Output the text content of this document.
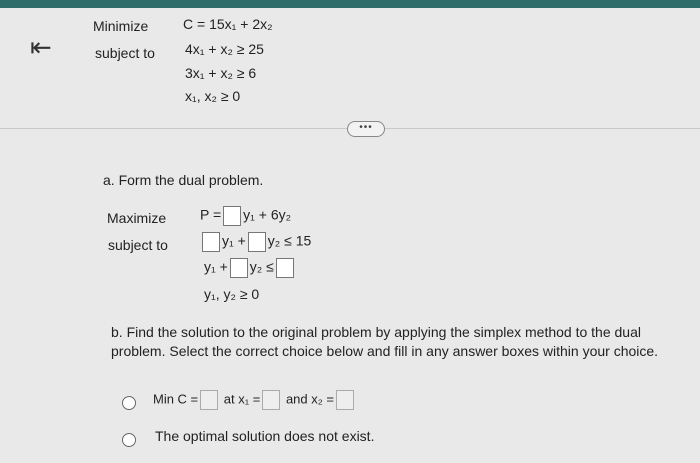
⇤
Minimize C = 15x₁ + 2x₂
subject to 4x₁ + x₂ ≥ 25
3x₁ + x₂ ≥ 6
x₁, x₂ ≥ 0
•••
a. Form the dual problem.
Maximize
subject to
P = y₁ + 6y₂
y₁ + y₂ ≤ 15
y₁ + y₂ ≤
y₁, y₂ ≥ 0
b. Find the solution to the original problem by applying the simplex method to the dual problem. Select the correct choice below and fill in any answer boxes within your choice.
Min C = at x₁ = and x₂ =
The optimal solution does not exist.
